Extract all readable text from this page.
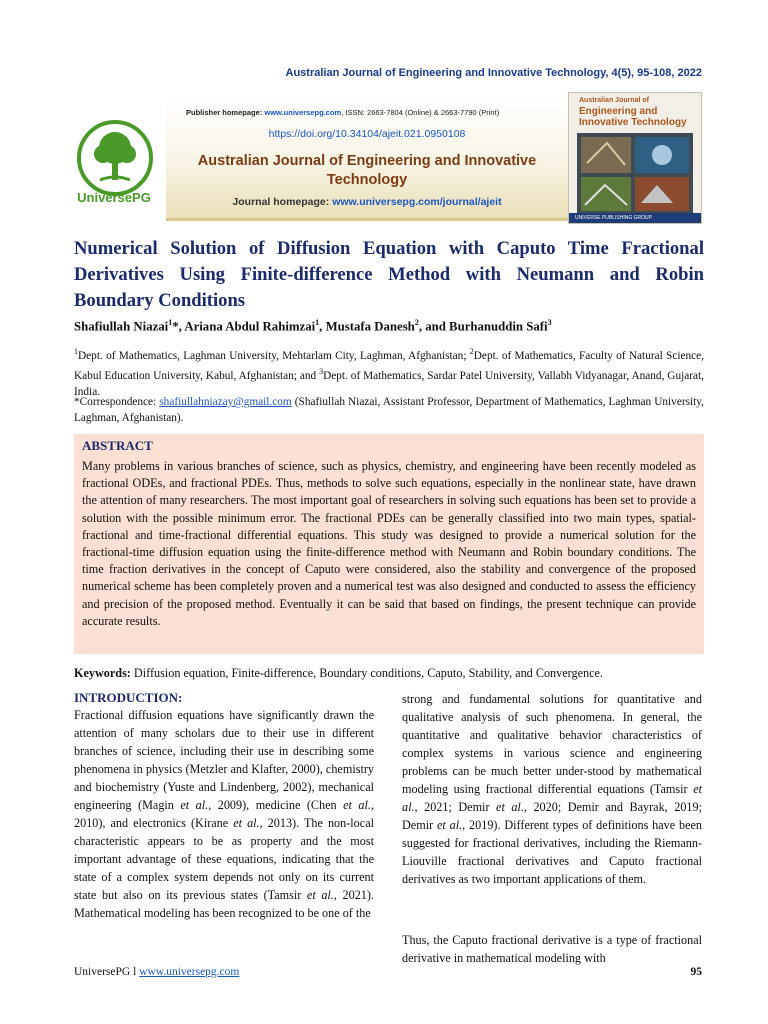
Australian Journal of Engineering and Innovative Technology, 4(5), 95-108, 2022
UniversePG
Publisher homepage: www.universepg.com, ISSN: 2663-7804 (Online) & 2663-7790 (Print)
https://doi.org/10.34104/ajeit.021.0950108
Australian Journal of Engineering and Innovative
Technology
Journal homepage: www.universepg.com/journal/ajeit
Australian Journal of
Engineering and
Innovative Technology
UNIVERSE PUBLISHING GROUP
Numerical Solution of Diffusion Equation with Caputo Time Fractional Derivatives Using Finite-difference Method with Neumann and Robin Boundary Conditions
Shafiullah Niazai$^1$*, Ariana Abdul Rahimzai$^1$, Mustafa Danesh$^2$, and Burhanuddin Safi$^3$
$^1$Dept. of Mathematics, Laghman University, Mehtarlam City, Laghman, Afghanistan; $^2$Dept. of Mathematics, Faculty of Natural Science, Kabul Education University, Kabul, Afghanistan; and $^3$Dept. of Mathematics, Sardar Patel University, Vallabh Vidyanagar, Anand, Gujarat, India.
*Correspondence: shafiullahniazay@gmail.com (Shafiullah Niazai, Assistant Professor, Department of Mathematics, Laghman University, Laghman, Afghanistan).
ABSTRACT
Many problems in various branches of science, such as physics, chemistry, and engineering have been recently modeled as fractional ODEs, and fractional PDEs. Thus, methods to solve such equations, especially in the nonlinear state, have drawn the attention of many researchers. The most important goal of researchers in solving such equations has been set to provide a solution with the possible minimum error. The fractional PDEs can be generally classified into two main types, spatial-fractional and time-fractional differential equations. This study was designed to provide a numerical solution for the fractional-time diffusion equation using the finite-difference method with Neumann and Robin boundary conditions. The time fraction derivatives in the concept of Caputo were considered, also the stability and convergence of the proposed numerical scheme has been completely proven and a numerical test was also designed and conducted to assess the efficiency and precision of the proposed method. Eventually it can be said that based on findings, the present technique can provide accurate results.
Keywords: Diffusion equation, Finite-difference, Boundary conditions, Caputo, Stability, and Convergence.
INTRODUCTION:
Fractional diffusion equations have significantly drawn the attention of many scholars due to their use in different branches of science, including their use in describing some phenomena in physics (Metzler and Klafter, 2000), chemistry and biochemistry (Yuste and Lindenberg, 2002), mechanical engineering (Magin et al., 2009), medicine (Chen et al., 2010), and electronics (Kirane et al., 2013). The non-local characteristic appears to be as property and the most important advantage of these equations, indicating that the state of a complex system depends not only on its current state but also on its previous states (Tamsir et al., 2021). Mathematical modeling has been recognized to be one of the
strong and fundamental solutions for quantitative and qualitative analysis of such phenomena. In general, the quantitative and qualitative behavior characteristics of complex systems in various science and engineering problems can be much better under-stood by mathematical modeling using fractional differential equations (Tamsir et al., 2021; Demir et al., 2020; Demir and Bayrak, 2019; Demir et al., 2019). Different types of definitions have been suggested for fractional derivatives, including the Riemann-Liouville fractional derivatives and Caputo fractional derivatives as two important applications of them.
Thus, the Caputo fractional derivative is a type of fractional derivative in mathematical modeling with
UniversePG l www.universepg.com	95
